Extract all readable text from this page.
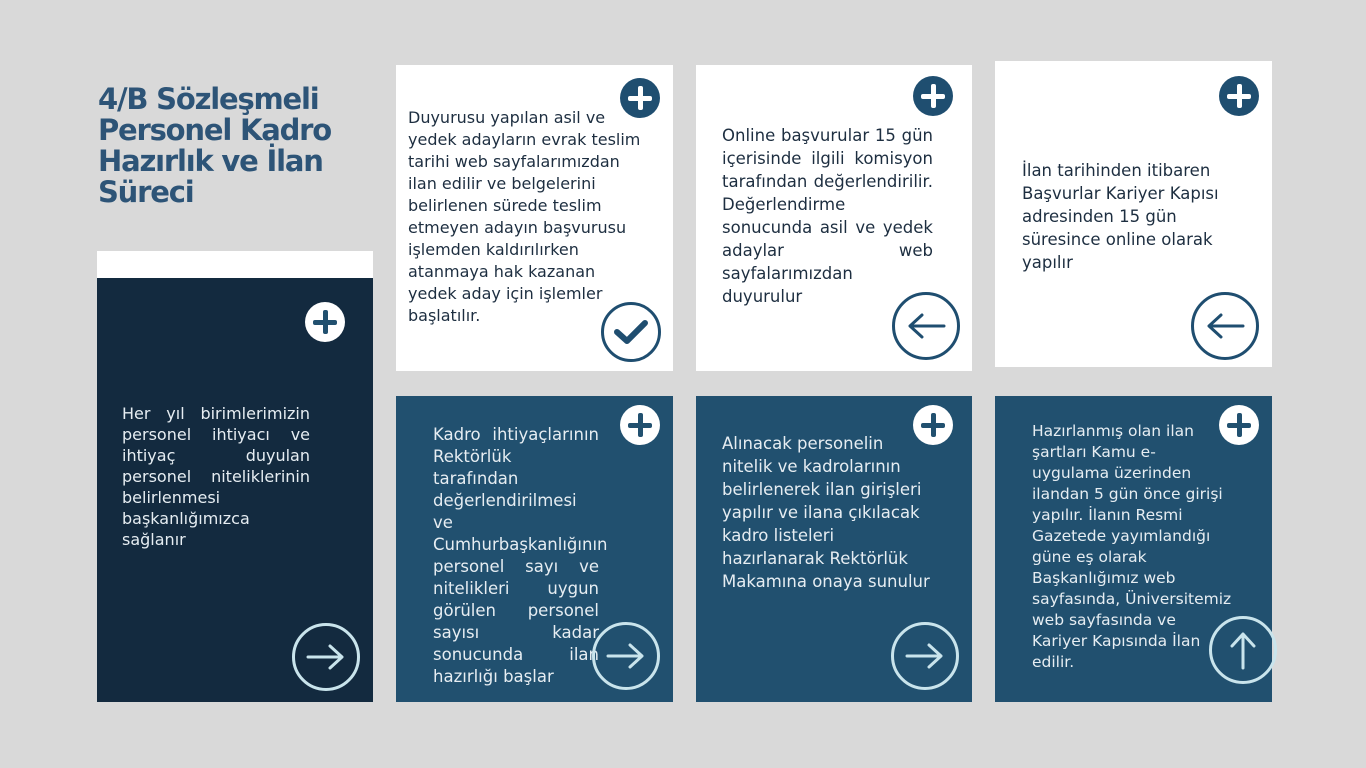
4/B Sözleşmeli Personel Kadro Hazırlık ve İlan Süreci

Her yıl birimlerimizin personel ihtiyacı ve ihtiyaç duyulan personel niteliklerinin belirlenmesi başkanlığımızca sağlanır

Kadro ihtiyaçlarının Rektörlük tarafından değerlendirilmesi ve Cumhurbaşkanlığının personel sayı ve nitelikleri uygun görülen personel sayısı kadar sonucunda ilan hazırlığı başlar

Alınacak personelin nitelik ve kadrolarının belirlenerek ilan girişleri yapılır ve ilana çıkılacak kadro listeleri hazırlanarak Rektörlük Makamına onaya sunulur

Hazırlanmış olan ilan şartları Kamu e-uygulama üzerinden ilandan 5 gün önce girişi yapılır. İlanın Resmi Gazetede yayımlandığı güne eş olarak Başkanlığımız web sayfasında, Üniversitemiz web sayfasında ve Kariyer Kapısında İlan edilir.

İlan tarihinden itibaren Başvurlar Kariyer Kapısı adresinden 15 gün süresince online olarak yapılır

Online başvurular 15 gün içerisinde ilgili komisyon tarafından değerlendirilir. Değerlendirme sonucunda asil ve yedek adaylar web sayfalarımızdan duyurulur

Duyurusu yapılan asil ve yedek adayların evrak teslim tarihi web sayfalarımızdan ilan edilir ve belgelerini belirlenen sürede teslim etmeyen adayın başvurusu işlemden kaldırılırken atanmaya hak kazanan yedek aday için işlemler başlatılır.
